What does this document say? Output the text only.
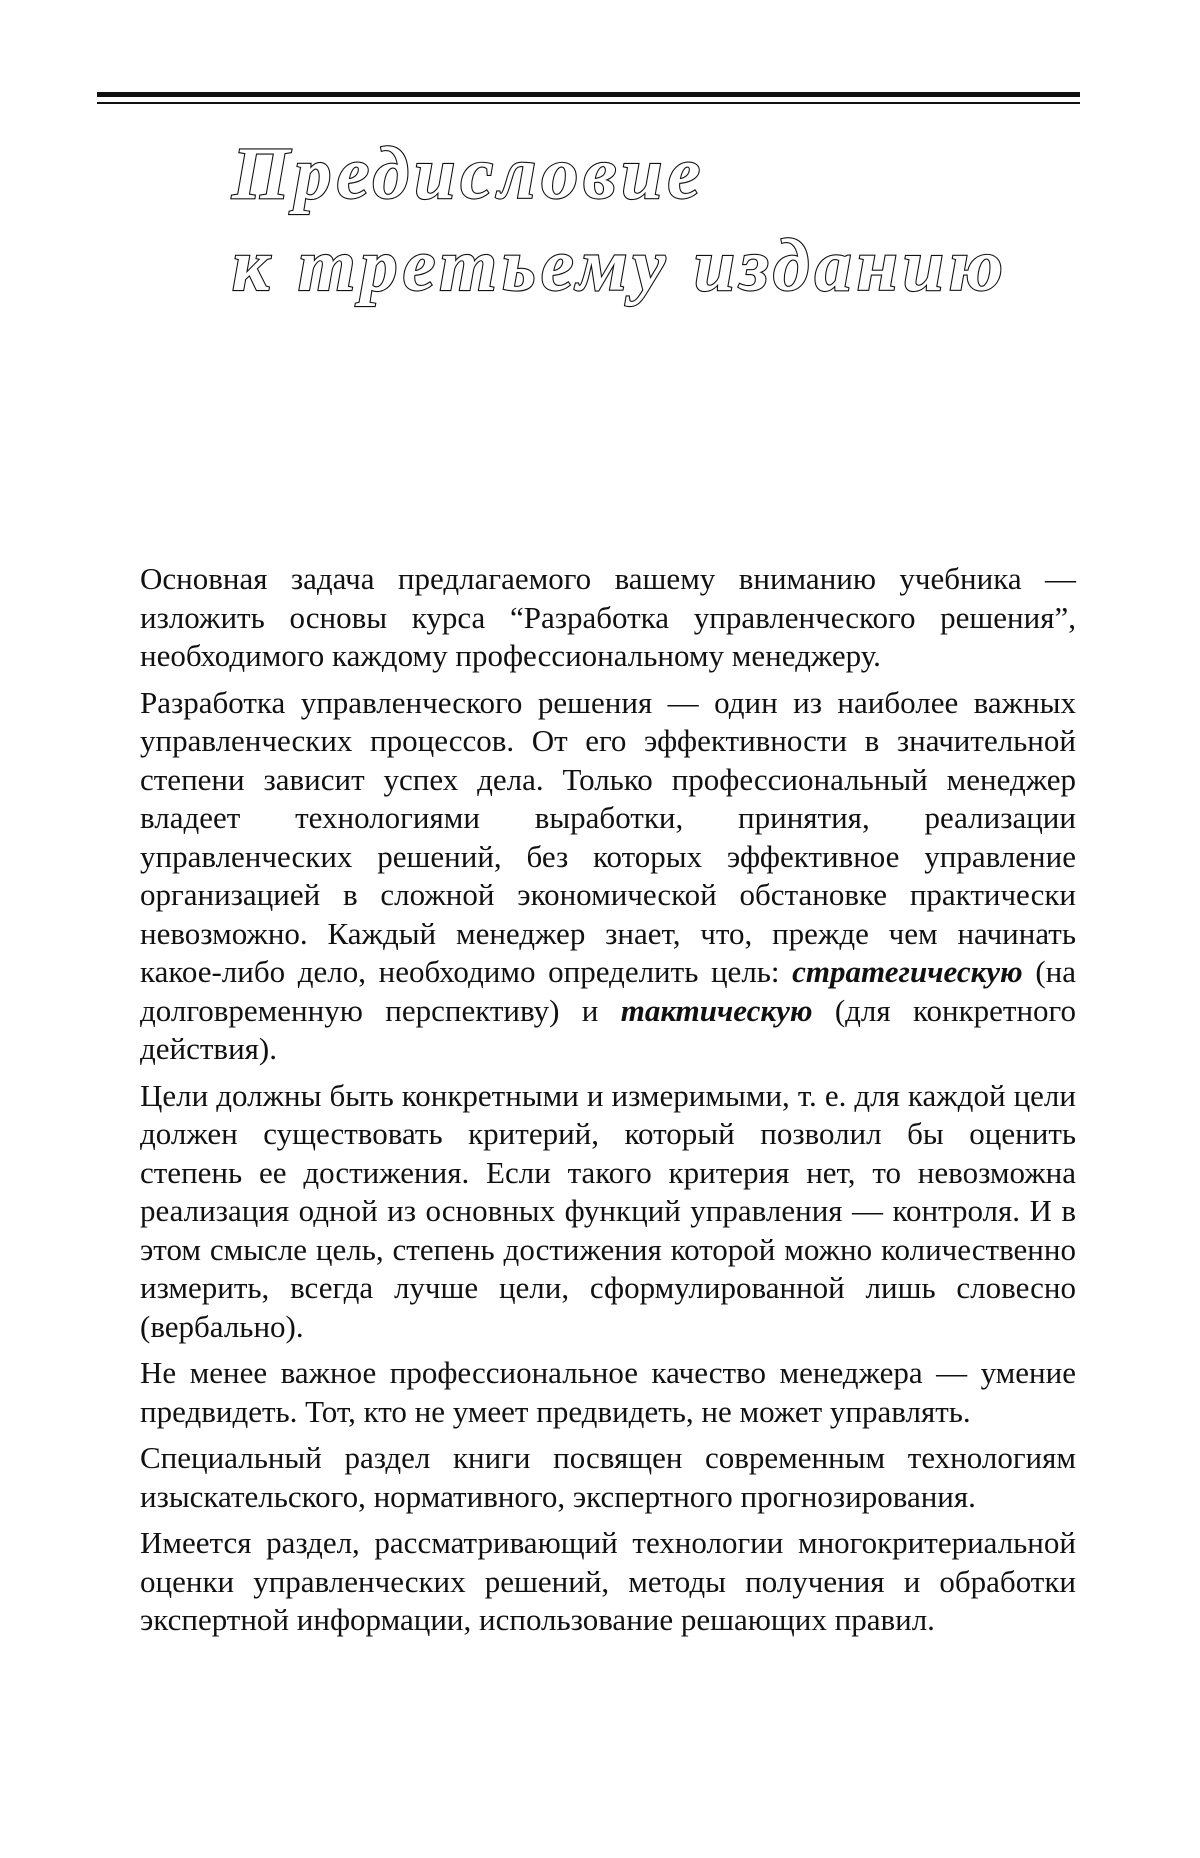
Предисловие
к третьему изданию

Основная задача предлагаемого вашему вниманию учебника — изложить основы курса “Разработка управленческого решения”, необходимого каждому профессиональному менеджеру.

Разработка управленческого решения — один из наиболее важных управленческих процессов. От его эффективности в значительной степени зависит успех дела. Только профессиональный менеджер владеет технологиями выработки, принятия, реализации управленческих решений, без которых эффективное управление организацией в сложной экономической обстановке практически невозможно. Каждый менеджер знает, что, прежде чем начинать какое-либо дело, необходимо определить цель: стратегическую (на долговременную перспективу) и тактическую (для конкретного действия).

Цели должны быть конкретными и измеримыми, т. е. для каждой цели должен существовать критерий, который позволил бы оценить степень ее достижения. Если такого критерия нет, то невозможна реализация одной из основных функций управления — контроля. И в этом смысле цель, степень достижения которой можно количественно измерить, всегда лучше цели, сформулированной лишь словесно (вербально).

Не менее важное профессиональное качество менеджера — умение предвидеть. Тот, кто не умеет предвидеть, не может управлять.

Специальный раздел книги посвящен современным технологиям изыскательского, нормативного, экспертного прогнозирования.

Имеется раздел, рассматривающий технологии многокритериальной оценки управленческих решений, методы получения и обработки экспертной информации, использование решающих правил.
